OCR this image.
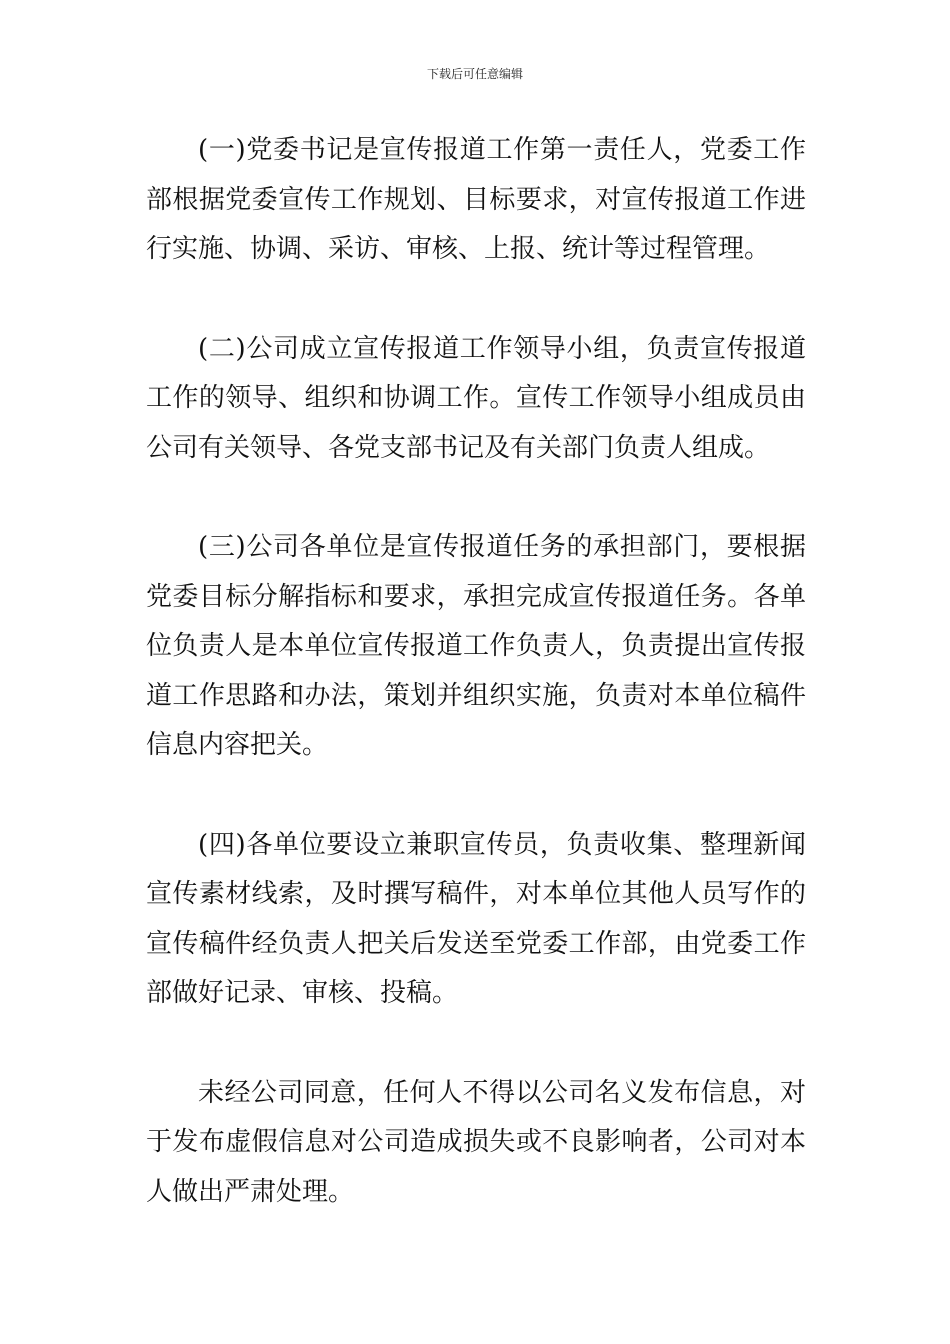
下载后可任意编辑

(一)党委书记是宣传报道工作第一责任人，党委工作部根据党委宣传工作规划、目标要求，对宣传报道工作进行实施、协调、采访、审核、上报、统计等过程管理。

(二)公司成立宣传报道工作领导小组，负责宣传报道工作的领导、组织和协调工作。宣传工作领导小组成员由公司有关领导、各党支部书记及有关部门负责人组成。

(三)公司各单位是宣传报道任务的承担部门，要根据党委目标分解指标和要求，承担完成宣传报道任务。各单位负责人是本单位宣传报道工作负责人，负责提出宣传报道工作思路和办法，策划并组织实施，负责对本单位稿件信息内容把关。

(四)各单位要设立兼职宣传员，负责收集、整理新闻宣传素材线索，及时撰写稿件，对本单位其他人员写作的宣传稿件经负责人把关后发送至党委工作部，由党委工作部做好记录、审核、投稿。

未经公司同意，任何人不得以公司名义发布信息，对于发布虚假信息对公司造成损失或不良影响者，公司对本人做出严肃处理。
